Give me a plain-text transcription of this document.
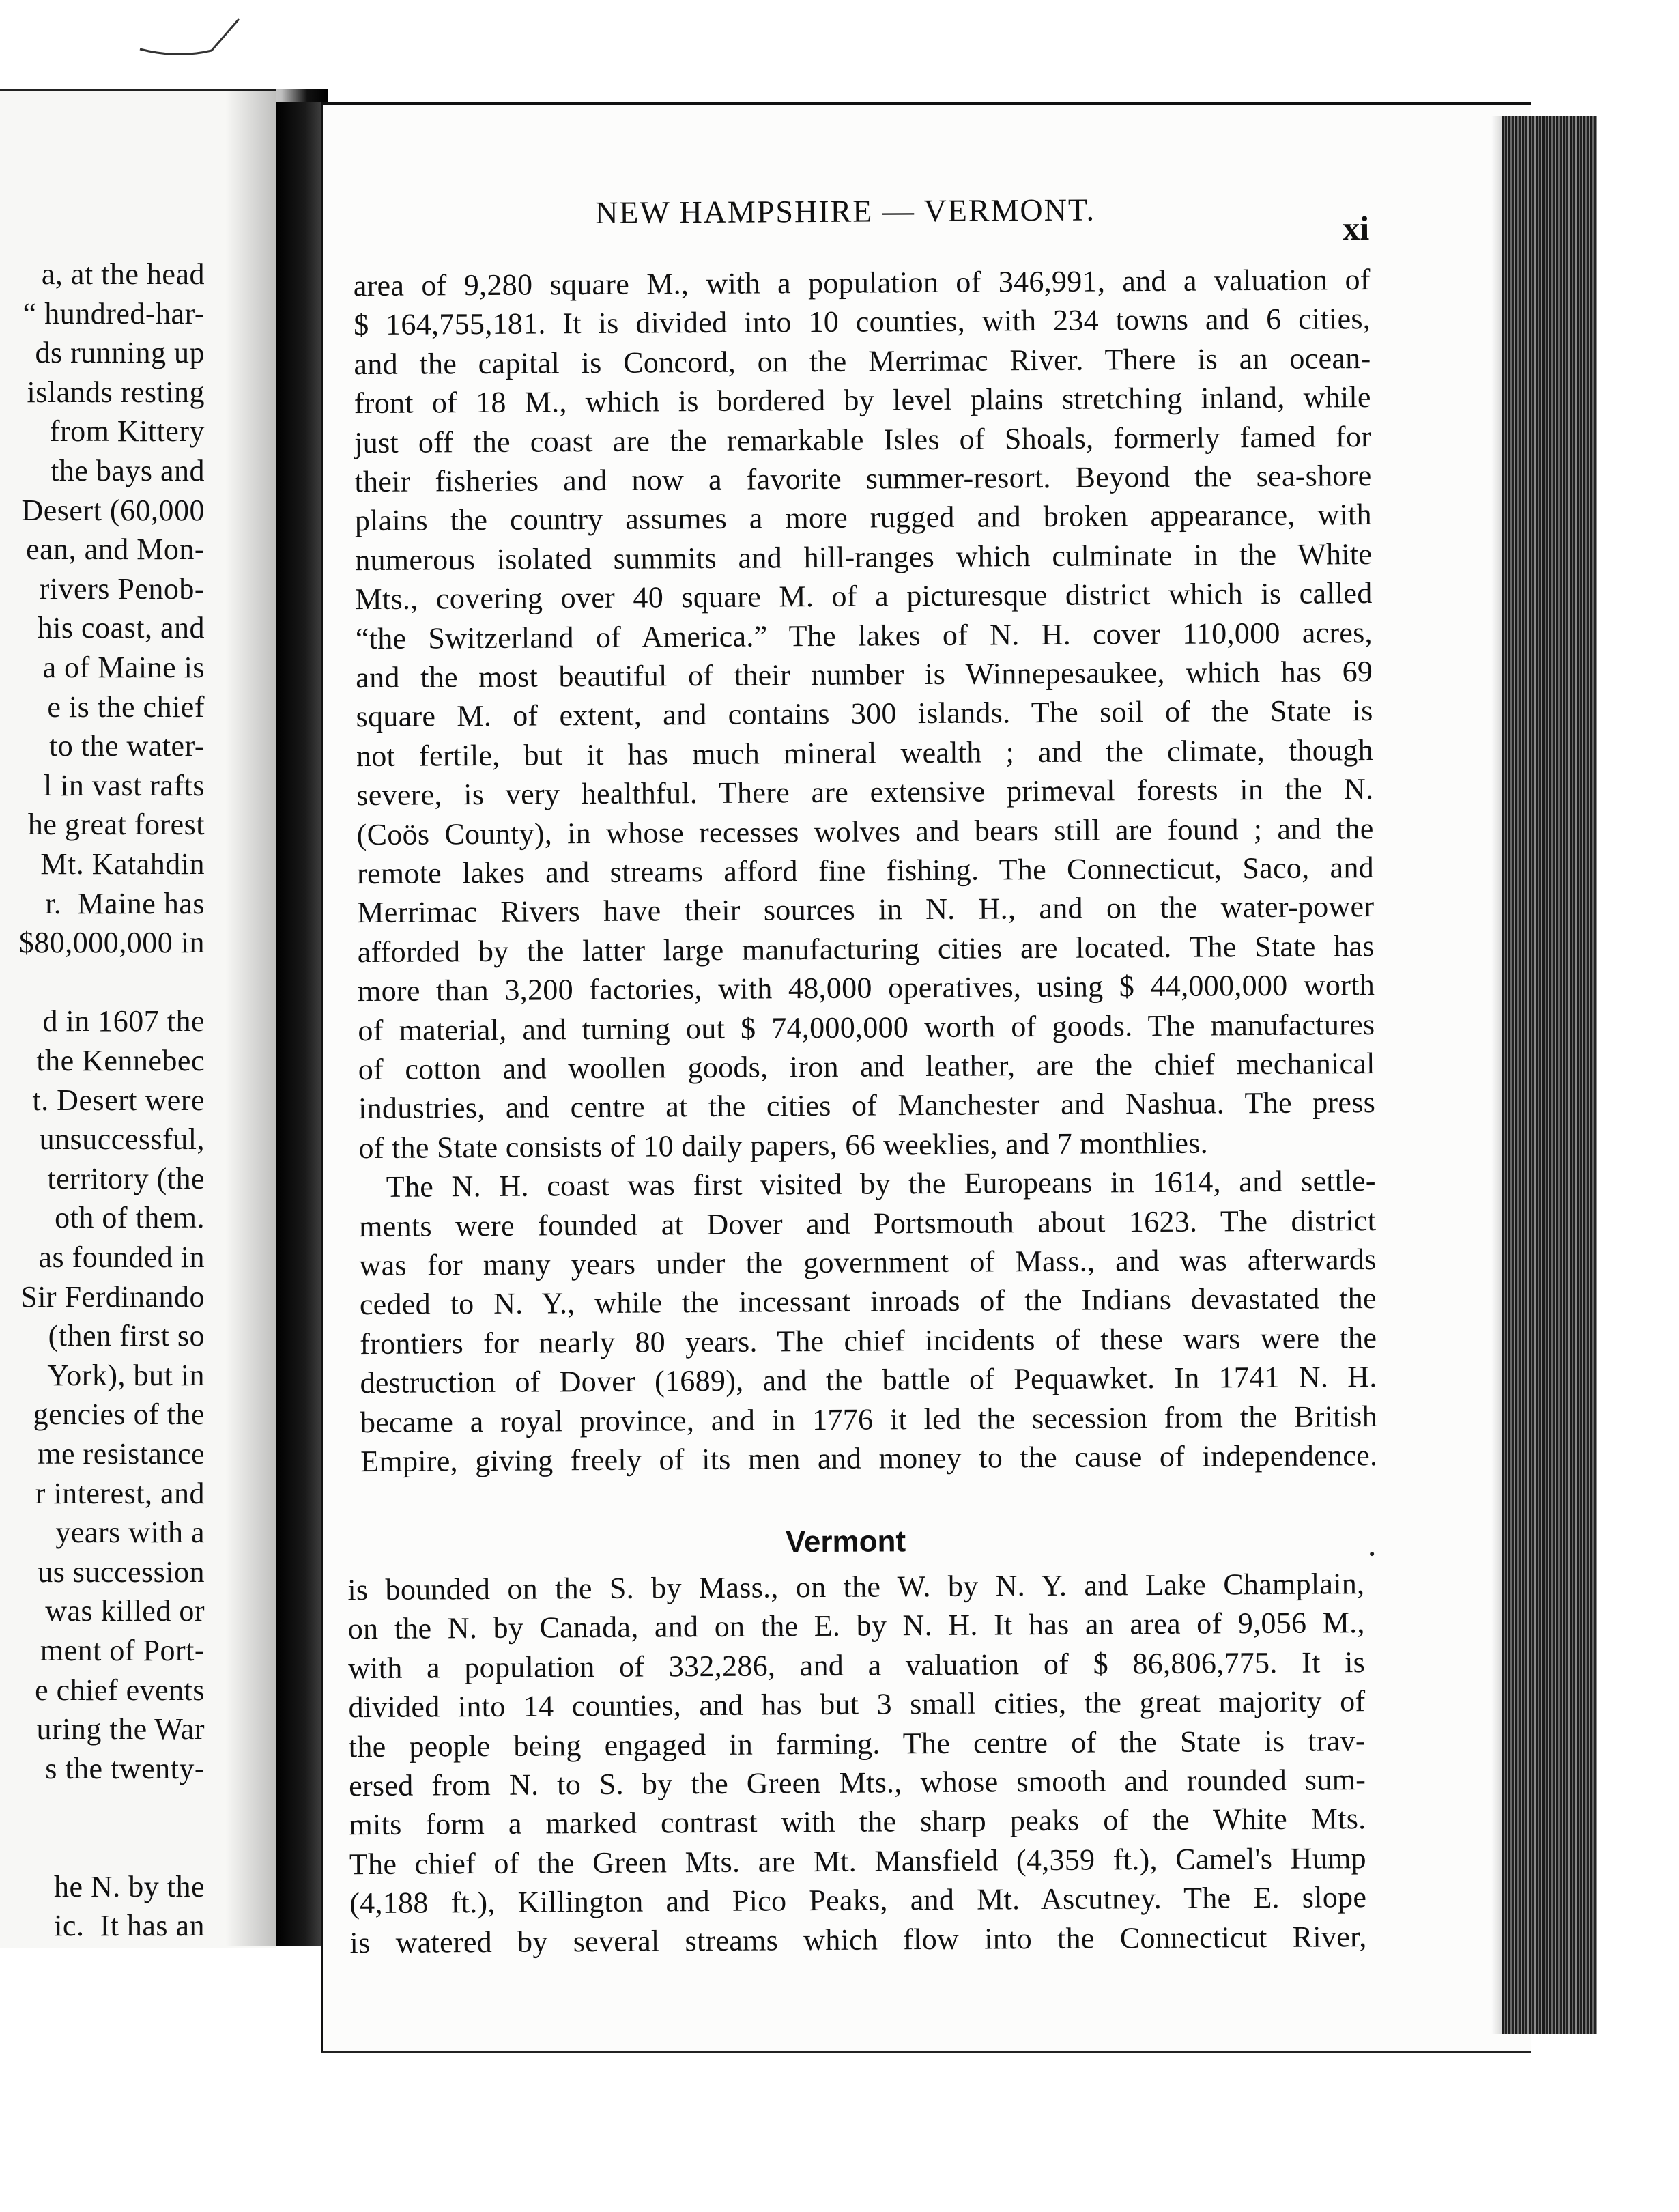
a, at the head
“ hundred-har-
ds running up
islands resting
from Kittery
the bays and
Desert (60,000
ean, and Mon-
rivers Penob-
his coast, and
a of Maine is
e is the chief
to the water-
l in vast rafts
he great forest
Mt. Katahdin
r.  Maine has
$80,000,000 in
d in 1607 the
the Kennebec
t. Desert were
unsuccessful,
territory (the
oth of them.
as founded in
Sir Ferdinando
(then first so
York), but in
gencies of the
me resistance
r interest, and
years with a
us succession
was killed or
ment of Port-
e chief events
uring the War
s the twenty-
he N. by the
ic.  It has an
NEW HAMPSHIRE — VERMONT.	xi
area of 9,280 square M., with a population of 346,991, and a valuation of
$ 164,755,181. It is divided into 10 counties, with 234 towns and 6 cities,
and the capital is Concord, on the Merrimac River. There is an ocean-
front of 18 M., which is bordered by level plains stretching inland, while
just off the coast are the remarkable Isles of Shoals, formerly famed for
their fisheries and now a favorite summer-resort. Beyond the sea-shore
plains the country assumes a more rugged and broken appearance, with
numerous isolated summits and hill-ranges which culminate in the White
Mts., covering over 40 square M. of a picturesque district which is called
“the Switzerland of America.” The lakes of N. H. cover 110,000 acres,
and the most beautiful of their number is Winnepesaukee, which has 69
square M. of extent, and contains 300 islands. The soil of the State is
not fertile, but it has much mineral wealth ; and the climate, though
severe, is very healthful. There are extensive primeval forests in the N.
(Coös County), in whose recesses wolves and bears still are found ; and the
remote lakes and streams afford fine fishing. The Connecticut, Saco, and
Merrimac Rivers have their sources in N. H., and on the water-power
afforded by the latter large manufacturing cities are located. The State has
more than 3,200 factories, with 48,000 operatives, using $ 44,000,000 worth
of material, and turning out $ 74,000,000 worth of goods. The manufactures
of cotton and woollen goods, iron and leather, are the chief mechanical
industries, and centre at the cities of Manchester and Nashua. The press
of the State consists of 10 daily papers, 66 weeklies, and 7 monthlies.
The N. H. coast was first visited by the Europeans in 1614, and settle-
ments were founded at Dover and Portsmouth about 1623. The district
was for many years under the government of Mass., and was afterwards
ceded to N. Y., while the incessant inroads of the Indians devastated the
frontiers for nearly 80 years. The chief incidents of these wars were the
destruction of Dover (1689), and the battle of Pequawket. In 1741 N. H.
became a royal province, and in 1776 it led the secession from the British
Empire, giving freely of its men and money to the cause of independence.
Vermont
is bounded on the S. by Mass., on the W. by N. Y. and Lake Champlain,
on the N. by Canada, and on the E. by N. H. It has an area of 9,056 M.,
with a population of 332,286, and a valuation of $ 86,806,775. It is
divided into 14 counties, and has but 3 small cities, the great majority of
the people being engaged in farming. The centre of the State is trav-
ersed from N. to S. by the Green Mts., whose smooth and rounded sum-
mits form a marked contrast with the sharp peaks of the White Mts.
The chief of the Green Mts. are Mt. Mansfield (4,359 ft.), Camel's Hump
(4,188 ft.), Killington and Pico Peaks, and Mt. Ascutney. The E. slope
is watered by several streams which flow into the Connecticut River,
